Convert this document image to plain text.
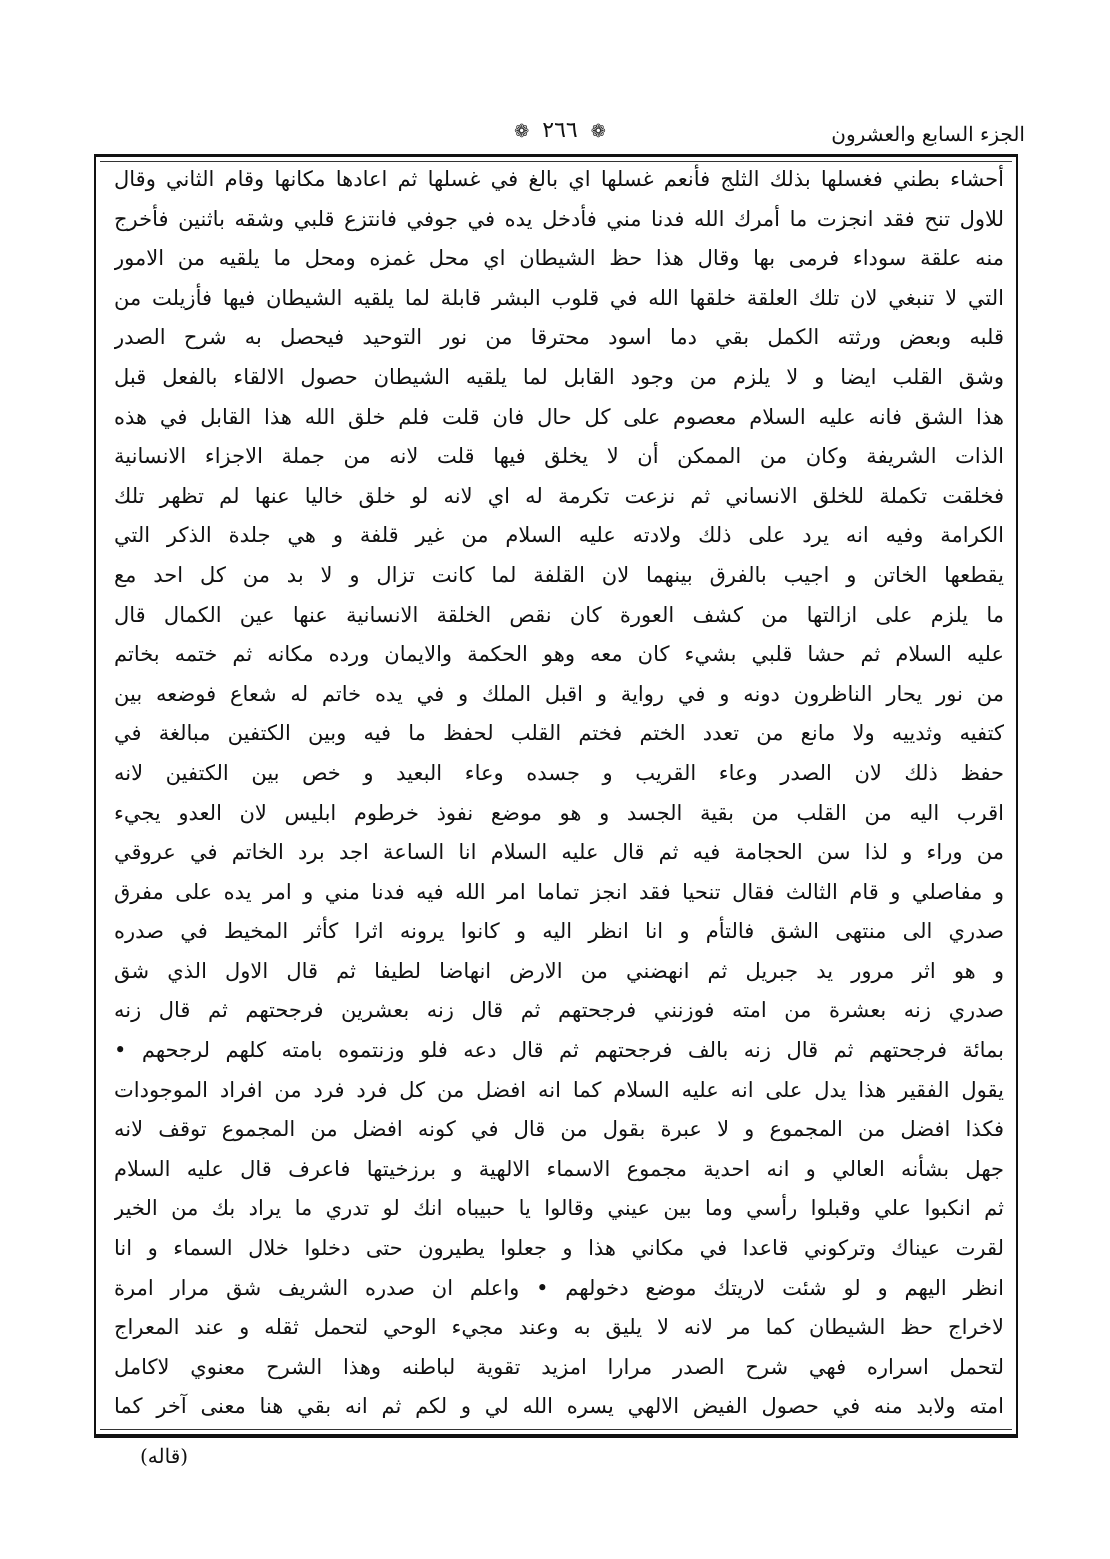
الجزء السابع والعشرون
❁ ٢٦٦ ❁
أحشاء بطني فغسلها بذلك الثلج فأنعم غسلها اي بالغ في غسلها ثم اعادها مكانها وقام الثاني وقال
للاول تنح فقد انجزت ما أمرك الله فدنا مني فأدخل يده في جوفي فانتزع قلبي وشقه باثنين فأخرج
منه علقة سوداء فرمى بها وقال هذا حظ الشيطان اي محل غمزه ومحل ما يلقيه من الامور
التي لا تنبغي لان تلك العلقة خلقها الله في قلوب البشر قابلة لما يلقيه الشيطان فيها فأزيلت من
قلبه وبعض ورثته الكمل بقي دما اسود محترقا من نور التوحيد فيحصل به شرح الصدر
وشق القلب ايضا و لا يلزم من وجود القابل لما يلقيه الشيطان حصول الالقاء بالفعل قبل
هذا الشق فانه عليه السلام معصوم على كل حال فان قلت فلم خلق الله هذا القابل في هذه
الذات الشريفة وكان من الممكن أن لا يخلق فيها قلت لانه من جملة الاجزاء الانسانية
فخلقت تكملة للخلق الانساني ثم نزعت تكرمة له اي لانه لو خلق خاليا عنها لم تظهر تلك
الكرامة وفيه انه يرد على ذلك ولادته عليه السلام من غير قلفة و هي جلدة الذكر التي
يقطعها الخاتن و اجيب بالفرق بينهما لان القلفة لما كانت تزال و لا بد من كل احد مع
ما يلزم على ازالتها من كشف العورة كان نقص الخلقة الانسانية عنها عين الكمال قال
عليه السلام ثم حشا قلبي بشيء كان معه وهو الحكمة والايمان ورده مكانه ثم ختمه بخاتم
من نور يحار الناظرون دونه و في رواية و اقبل الملك و في يده خاتم له شعاع فوضعه بين
كتفيه وثدييه ولا مانع من تعدد الختم فختم القلب لحفظ ما فيه وبين الكتفين مبالغة في
حفظ ذلك لان الصدر وعاء القريب و جسده وعاء البعيد و خص بين الكتفين لانه
اقرب اليه من القلب من بقية الجسد و هو موضع نفوذ خرطوم ابليس لان العدو يجيء
من وراء و لذا سن الحجامة فيه ثم قال عليه السلام انا الساعة اجد برد الخاتم في عروقي
و مفاصلي و قام الثالث فقال تنحيا فقد انجز تماما امر الله فيه فدنا مني و امر يده على مفرق
صدري الى منتهى الشق فالتأم و انا انظر اليه و كانوا يرونه اثرا كأثر المخيط في صدره
و هو اثر مرور يد جبريل ثم انهضني من الارض انهاضا لطيفا ثم قال الاول الذي شق
صدري زنه بعشرة من امته فوزنني فرجحتهم ثم قال زنه بعشرين فرجحتهم ثم قال زنه
بمائة فرجحتهم ثم قال زنه بالف فرجحتهم ثم قال دعه فلو وزنتموه بامته كلهم لرجحهم •
يقول الفقير هذا يدل على انه عليه السلام كما انه افضل من كل فرد فرد من افراد الموجودات
فكذا افضل من المجموع و لا عبرة بقول من قال في كونه افضل من المجموع توقف لانه
جهل بشأنه العالي و انه احدية مجموع الاسماء الالهية و برزخيتها فاعرف قال عليه السلام
ثم انكبوا علي وقبلوا رأسي وما بين عيني وقالوا يا حبيباه انك لو تدري ما يراد بك من الخير
لقرت عيناك وتركوني قاعدا في مكاني هذا و جعلوا يطيرون حتى دخلوا خلال السماء و انا
انظر اليهم و لو شئت لاريتك موضع دخولهم • واعلم ان صدره الشريف شق مرار امرة
لاخراج حظ الشيطان كما مر لانه لا يليق به وعند مجيء الوحي لتحمل ثقله و عند المعراج
لتحمل اسراره فهي شرح الصدر مرارا امزيد تقوية لباطنه وهذا الشرح معنوي لاكامل
امته ولابد منه في حصول الفيض الالهي يسره الله لي و لكم ثم انه بقي هنا معنى آخر كما
(قاله)
